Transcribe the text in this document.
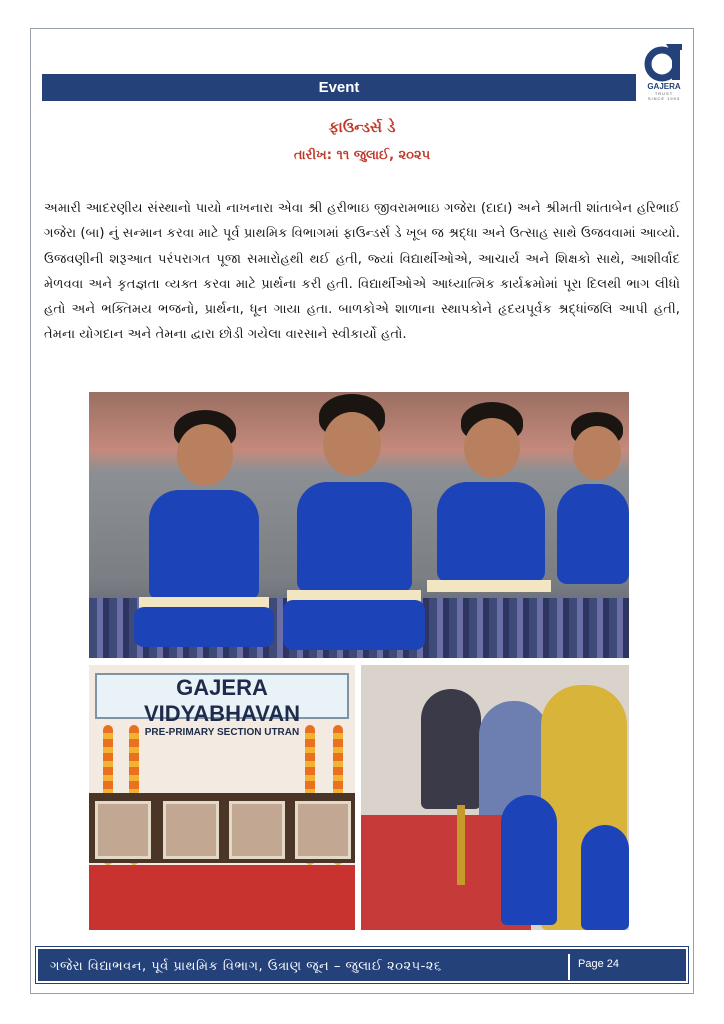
Event	GAJERA
TRUST
SINCE 1993
ફાઉન્ડર્સ ડે
તારીખ: ૧૧ જુલાઈ, ૨૦૨૫
અમારી આદરણીય સંસ્થાનો પાયો નાખનારા એવા શ્રી હરીભાઇ જીવરામભાઇ ગજેરા (દાદા) અને શ્રીમતી શાંતાબેન હરિભાઈ ગજેરા (બા) નું સન્માન કરવા માટે પૂર્વ પ્રાથમિક વિભાગમાં ફાઉન્ડર્સ ડે ખૂબ જ શ્રદ્ધા અને ઉત્સાહ સાથે ઉજવવામાં આવ્યો. ઉજવણીની શરૂઆત પરંપરાગત પૂજા સમારોહથી થઈ હતી, જ્યાં વિદ્યાર્થીઓએ, આચાર્ય અને શિક્ષકો સાથે, આશીર્વાદ મેળવવા અને કૃતજ્ઞતા વ્યક્ત કરવા માટે પ્રાર્થના કરી હતી. વિદ્યાર્થીઓએ આધ્યાત્મિક કાર્યક્રમોમાં પૂરા દિલથી ભાગ લીધો હતો અને ભક્તિમય ભજનો, પ્રાર્થના, ધૂન ગાયા હતા. બાળકોએ શાળાના સ્થાપકોને હૃદયપૂર્વક શ્રદ્ધાંજલિ આપી હતી, તેમના યોગદાન અને તેમના દ્વારા છોડી ગયેલા વારસાને સ્વીકાર્યો હતો.
GAJERA VIDYABHAVAN
PRE-PRIMARY SECTION UTRAN
ગજેરા વિદ્યાભવન, પૂર્વ પ્રાથમિક વિભાગ, ઉત્રાણ જૂન – જુલાઈ ૨૦૨૫-૨૬	Page 24
